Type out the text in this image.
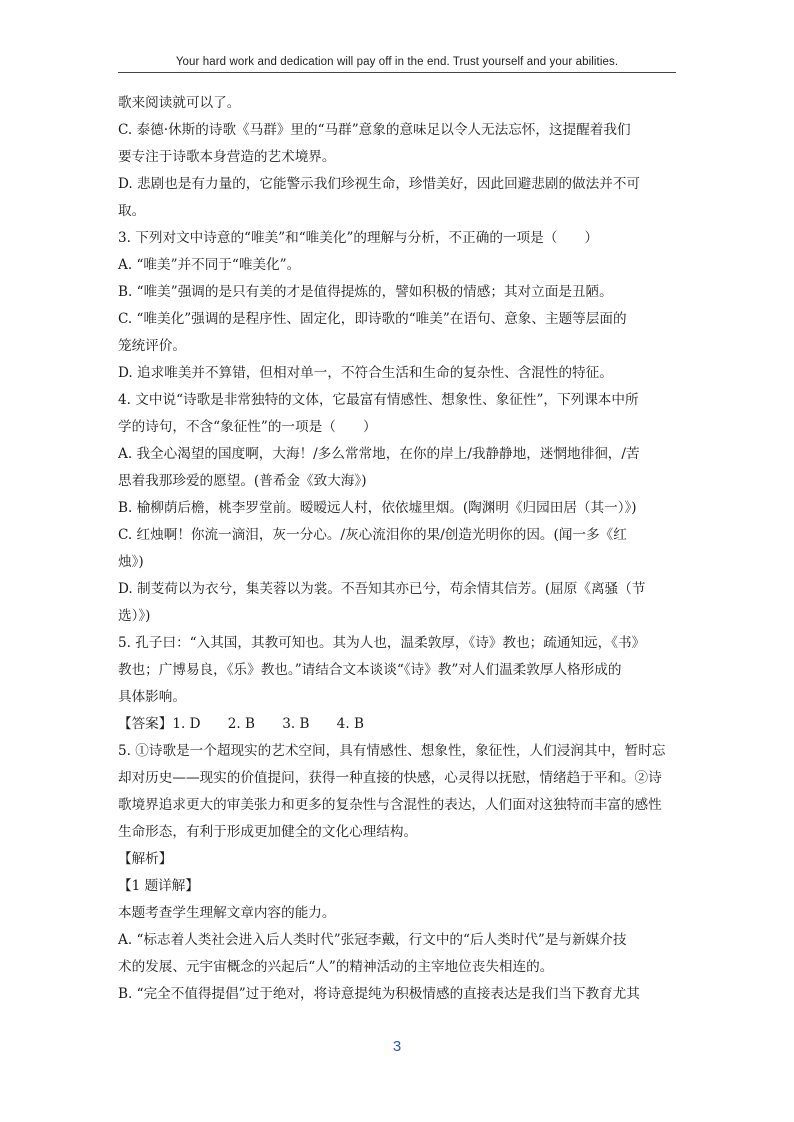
Your hard work and dedication will pay off in the end. Trust yourself and your abilities.
歌来阅读就可以了。
C. 泰德·休斯的诗歌《马群》里的“马群”意象的意味足以令人无法忘怀，这提醒着我们
要专注于诗歌本身营造的艺术境界。
D. 悲剧也是有力量的，它能警示我们珍视生命，珍惜美好，因此回避悲剧的做法并不可
取。
3. 下列对文中诗意的“唯美”和“唯美化”的理解与分析，不正确的一项是（　　）
A. “唯美”并不同于“唯美化”。
B. “唯美”强调的是只有美的才是值得提炼的，譬如积极的情感；其对立面是丑陋。
C. “唯美化”强调的是程序性、固定化，即诗歌的“唯美”在语句、意象、主题等层面的
笼统评价。
D. 追求唯美并不算错，但相对单一，不符合生活和生命的复杂性、含混性的特征。
4. 文中说“诗歌是非常独特的文体，它最富有情感性、想象性、象征性”，下列课本中所
学的诗句，不含“象征性”的一项是（　　）
A. 我全心渴望的国度啊，大海！/多么常常地，在你的岸上/我静静地，迷惘地徘徊，/苦
思着我那珍爱的愿望。(普希金《致大海》)
B. 榆柳荫后檐，桃李罗堂前。暧暧远人村，依依墟里烟。(陶渊明《归园田居（其一）》)
C. 红烛啊！你流一滴泪，灰一分心。/灰心流泪你的果/创造光明你的因。(闻一多《红
烛》)
D. 制芰荷以为衣兮，集芙蓉以为裳。不吾知其亦已兮，苟余情其信芳。(屈原《离骚（节
选）》)
5. 孔子曰：“入其国，其教可知也。其为人也，温柔敦厚，《诗》教也；疏通知远，《书》
教也；广博易良，《乐》教也。”请结合文本谈谈“《诗》教”对人们温柔敦厚人格形成的
具体影响。
【答案】1. D　　2. B　　3. B　　4. B
5. ①诗歌是一个超现实的艺术空间，具有情感性、想象性，象征性，人们浸润其中，暂时忘
却对历史——现实的价值提问，获得一种直接的快感，心灵得以抚慰，情绪趋于平和。②诗
歌境界追求更大的审美张力和更多的复杂性与含混性的表达，人们面对这独特而丰富的感性
生命形态，有利于形成更加健全的文化心理结构。
【解析】
【1 题详解】
本题考查学生理解文章内容的能力。
A. “标志着人类社会进入后人类时代”张冠李戴，行文中的“后人类时代”是与新媒介技
术的发展、元宇宙概念的兴起后“人”的精神活动的主宰地位丧失相连的。
B. “完全不值得提倡”过于绝对，将诗意提纯为积极情感的直接表达是我们当下教育尤其
3
